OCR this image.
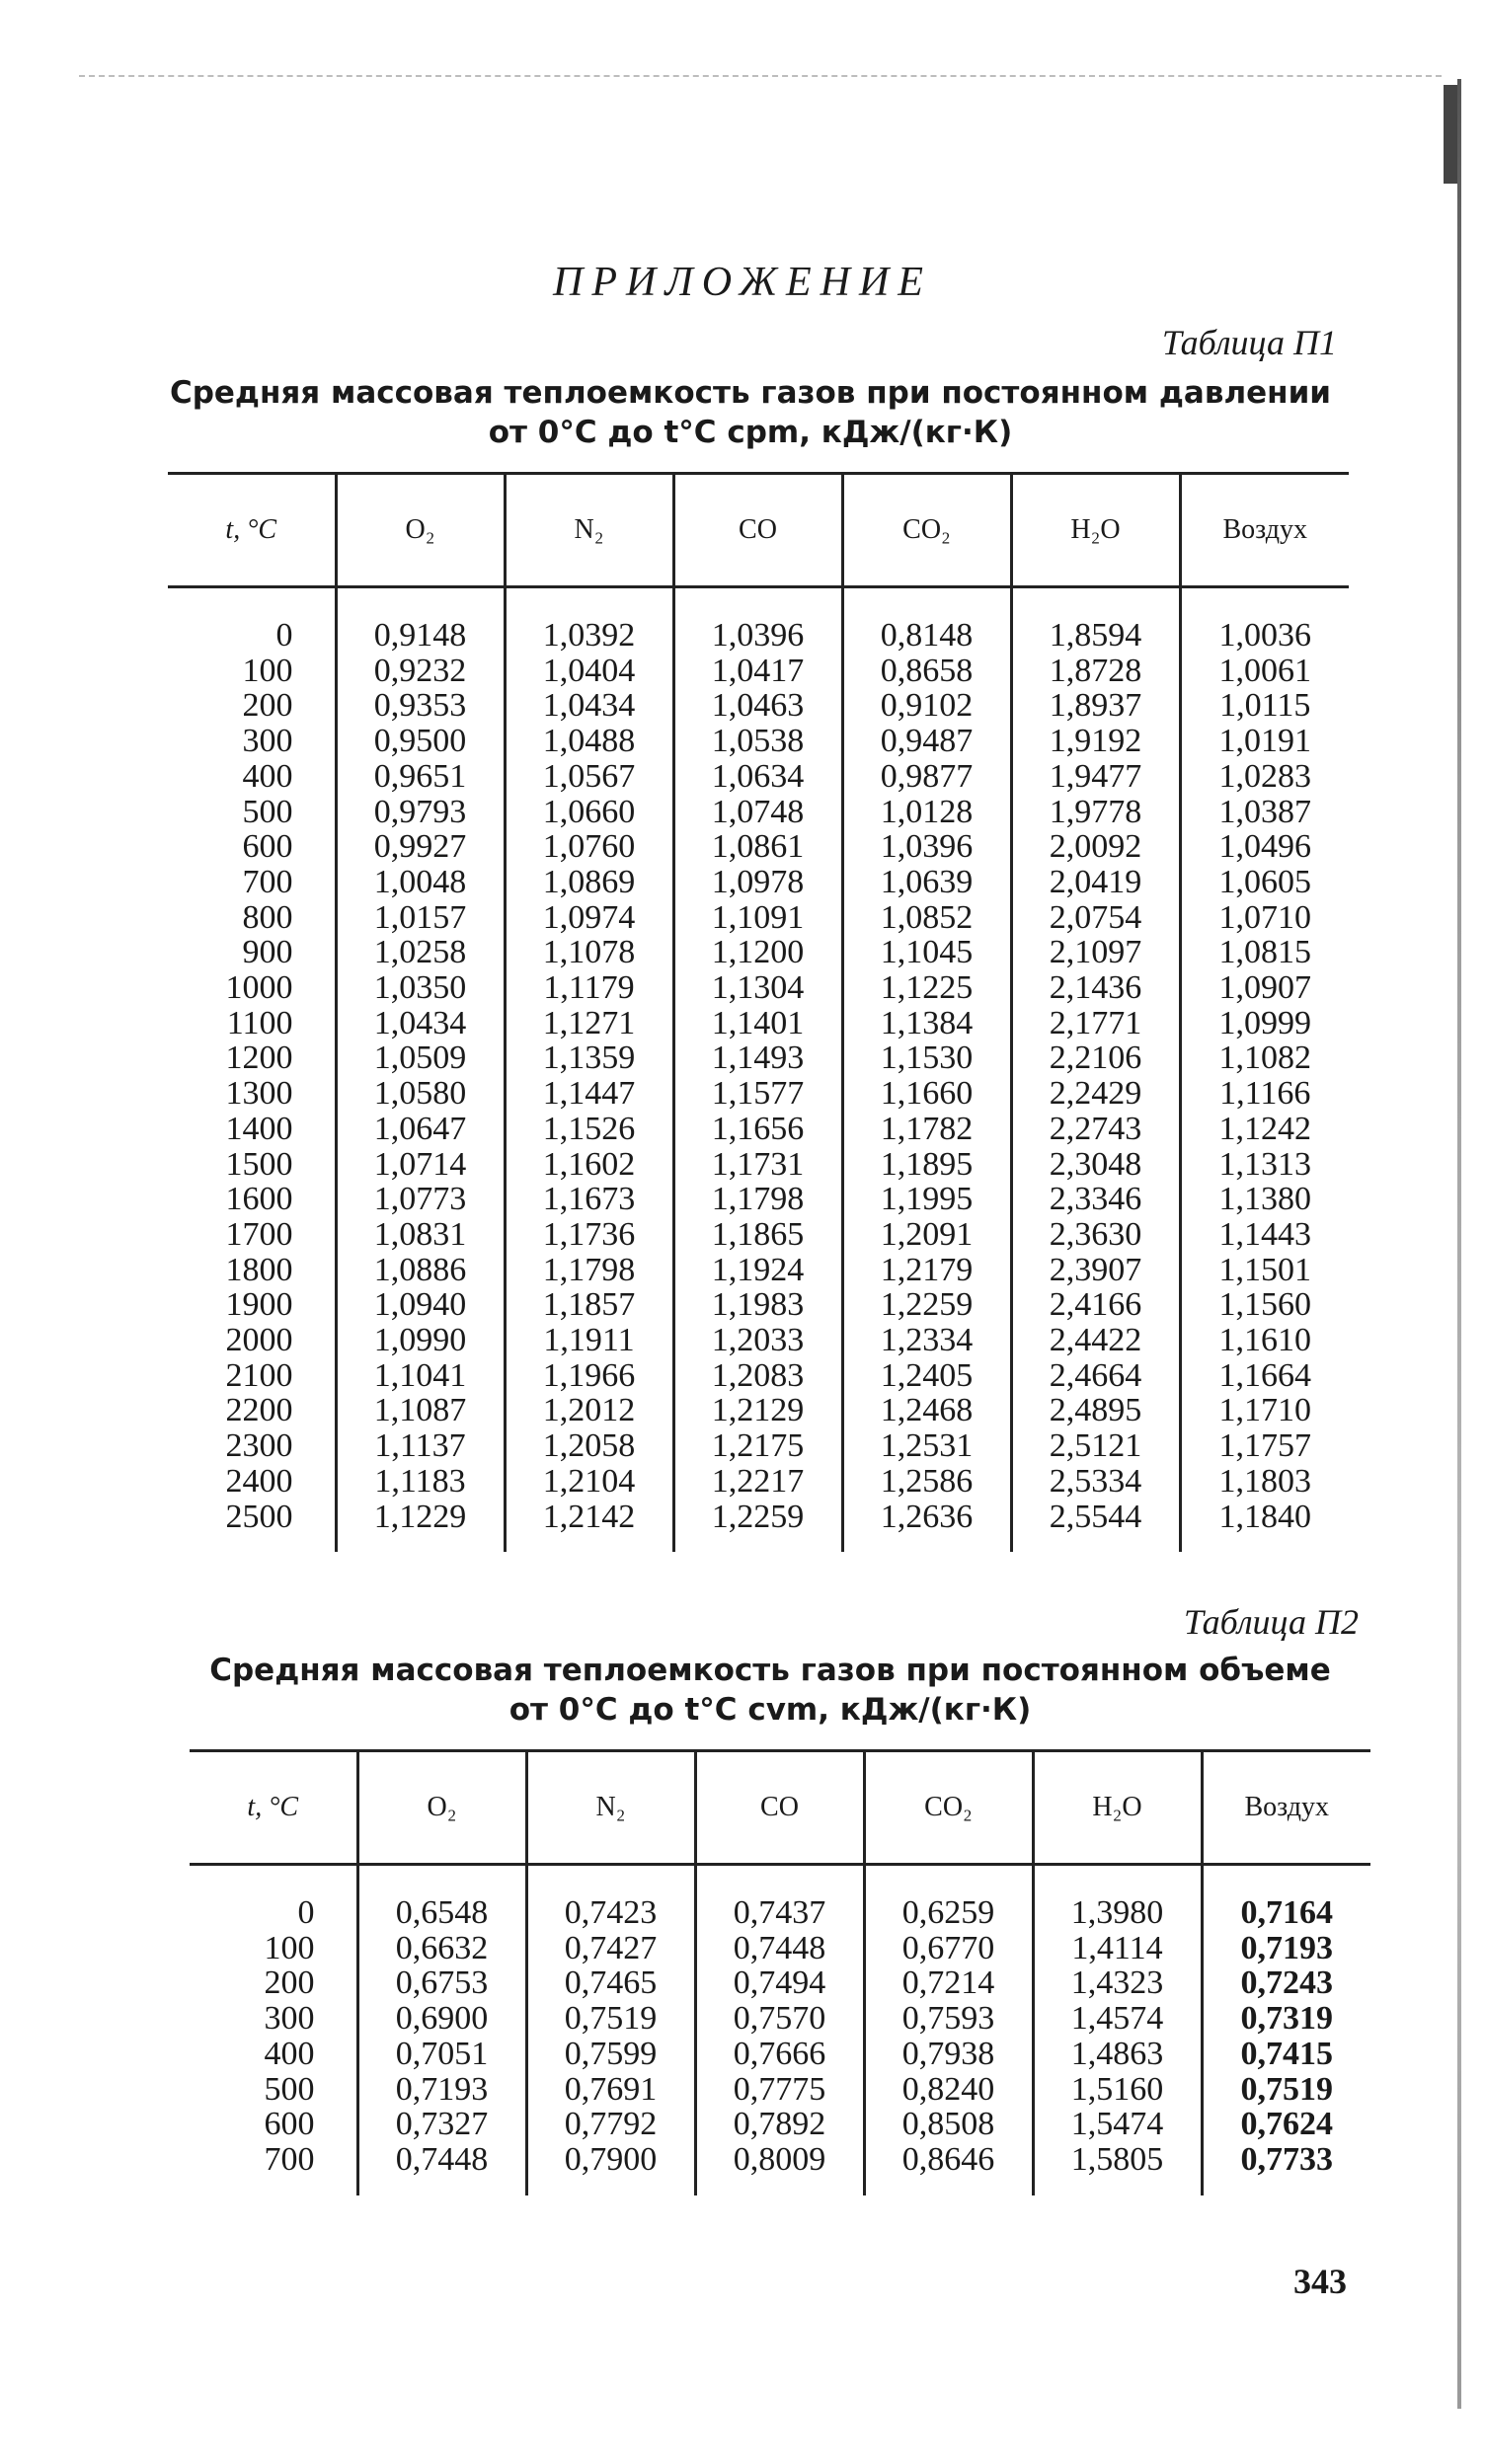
ПРИЛОЖЕНИЕ
Таблица П1
Средняя массовая теплоемкость газов при постоянном давлении
от 0°С до t°С cpm, кДж/(кг·К)
t, °С	O₂	N₂	CO	CO₂	H₂O	Воздух
0	0,9148	1,0392	1,0396	0,8148	1,8594	1,0036
100	0,9232	1,0404	1,0417	0,8658	1,8728	1,0061
200	0,9353	1,0434	1,0463	0,9102	1,8937	1,0115
300	0,9500	1,0488	1,0538	0,9487	1,9192	1,0191
400	0,9651	1,0567	1,0634	0,9877	1,9477	1,0283
500	0,9793	1,0660	1,0748	1,0128	1,9778	1,0387
600	0,9927	1,0760	1,0861	1,0396	2,0092	1,0496
700	1,0048	1,0869	1,0978	1,0639	2,0419	1,0605
800	1,0157	1,0974	1,1091	1,0852	2,0754	1,0710
900	1,0258	1,1078	1,1200	1,1045	2,1097	1,0815
1000	1,0350	1,1179	1,1304	1,1225	2,1436	1,0907
1100	1,0434	1,1271	1,1401	1,1384	2,1771	1,0999
1200	1,0509	1,1359	1,1493	1,1530	2,2106	1,1082
1300	1,0580	1,1447	1,1577	1,1660	2,2429	1,1166
1400	1,0647	1,1526	1,1656	1,1782	2,2743	1,1242
1500	1,0714	1,1602	1,1731	1,1895	2,3048	1,1313
1600	1,0773	1,1673	1,1798	1,1995	2,3346	1,1380
1700	1,0831	1,1736	1,1865	1,2091	2,3630	1,1443
1800	1,0886	1,1798	1,1924	1,2179	2,3907	1,1501
1900	1,0940	1,1857	1,1983	1,2259	2,4166	1,1560
2000	1,0990	1,1911	1,2033	1,2334	2,4422	1,1610
2100	1,1041	1,1966	1,2083	1,2405	2,4664	1,1664
2200	1,1087	1,2012	1,2129	1,2468	2,4895	1,1710
2300	1,1137	1,2058	1,2175	1,2531	2,5121	1,1757
2400	1,1183	1,2104	1,2217	1,2586	2,5334	1,1803
2500	1,1229	1,2142	1,2259	1,2636	2,5544	1,1840
Таблица П2
Средняя массовая теплоемкость газов при постоянном объеме
от 0°С до t°С cvm, кДж/(кг·К)
t, °С	O₂	N₂	CO	CO₂	H₂O	Воздух
0	0,6548	0,7423	0,7437	0,6259	1,3980	0,7164
100	0,6632	0,7427	0,7448	0,6770	1,4114	0,7193
200	0,6753	0,7465	0,7494	0,7214	1,4323	0,7243
300	0,6900	0,7519	0,7570	0,7593	1,4574	0,7319
400	0,7051	0,7599	0,7666	0,7938	1,4863	0,7415
500	0,7193	0,7691	0,7775	0,8240	1,5160	0,7519
600	0,7327	0,7792	0,7892	0,8508	1,5474	0,7624
700	0,7448	0,7900	0,8009	0,8646	1,5805	0,7733
343
